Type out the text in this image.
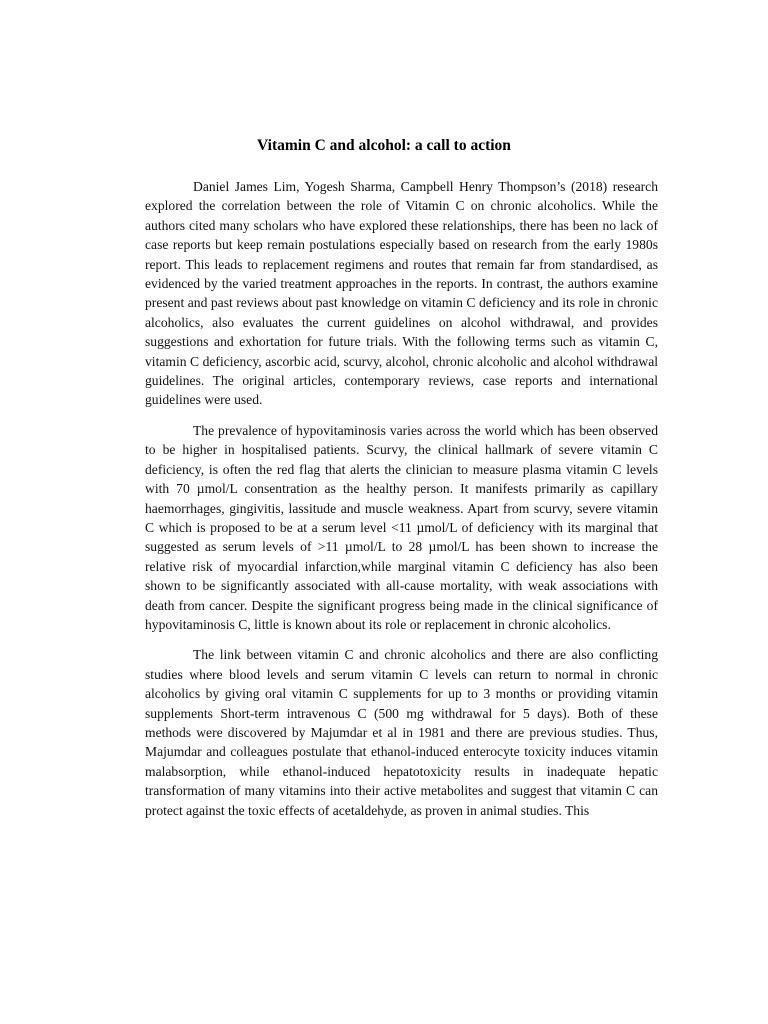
Vitamin C and alcohol: a call to action

Daniel James Lim, Yogesh Sharma, Campbell Henry Thompson’s (2018) research explored the correlation between the role of Vitamin C on chronic alcoholics. While the authors cited many scholars who have explored these relationships, there has been no lack of case reports but keep remain postulations especially based on research from the early 1980s report. This leads to replacement regimens and routes that remain far from standardised, as evidenced by the varied treatment approaches in the reports. In contrast, the authors examine present and past reviews about past knowledge on vitamin C deficiency and its role in chronic alcoholics, also evaluates the current guidelines on alcohol withdrawal, and provides suggestions and exhortation for future trials. With the following terms such as vitamin C, vitamin C deficiency, ascorbic acid, scurvy, alcohol, chronic alcoholic and alcohol withdrawal guidelines. The original articles, contemporary reviews, case reports and international guidelines were used.

The prevalence of hypovitaminosis varies across the world which has been observed to be higher in hospitalised patients. Scurvy, the clinical hallmark of severe vitamin C deficiency, is often the red flag that alerts the clinician to measure plasma vitamin C levels with 70 µmol/L consentration as the healthy person. It manifests primarily as capillary haemorrhages, gingivitis, lassitude and muscle weakness. Apart from scurvy, severe vitamin C which is proposed to be at a serum level <11 µmol/L of deficiency with its marginal that suggested as serum levels of >11 µmol/L to 28 µmol/L has been shown to increase the relative risk of myocardial infarction,while marginal vitamin C deficiency has also been shown to be significantly associated with all-cause mortality, with weak associations with death from cancer. Despite the significant progress being made in the clinical significance of hypovitaminosis C, little is known about its role or replacement in chronic alcoholics.

The link between vitamin C and chronic alcoholics and there are also conflicting studies where blood levels and serum vitamin C levels can return to normal in chronic alcoholics by giving oral vitamin C supplements for up to 3 months or providing vitamin supplements Short-term intravenous C (500 mg withdrawal for 5 days). Both of these methods were discovered by Majumdar et al in 1981 and there are previous studies. Thus, Majumdar and colleagues postulate that ethanol-induced enterocyte toxicity induces vitamin malabsorption, while ethanol-induced hepatotoxicity results in inadequate hepatic transformation of many vitamins into their active metabolites and suggest that vitamin C can protect against the toxic effects of acetaldehyde, as proven in animal studies. This
